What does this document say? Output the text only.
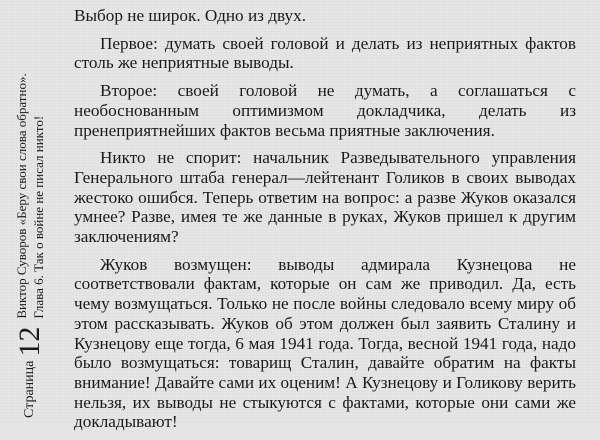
Страница
12
Виктор Суворов «Беру свои слова обратно». Глава 6. Так о войне не писал никто!

Выбор не широк. Одно из двух.

Первое: думать своей головой и делать из неприятных фактов столь же неприятные выводы.

Второе: своей головой не думать, а соглашаться с необоснованным оптимизмом докладчика, делать из пренеприятнейших фактов весьма приятные заключения.

Никто не спорит: начальник Разведывательного управления Генерального штаба генерал—лейтенант Голиков в своих выводах жестоко ошибся. Теперь ответим на вопрос: а разве Жуков оказался умнее? Разве, имея те же данные в руках, Жуков пришел к другим заключениям?

Жуков возмущен: выводы адмирала Кузнецова не соответствовали фактам, которые он сам же приводил. Да, есть чему возмущаться. Только не после войны следовало всему миру об этом рассказывать. Жуков об этом должен был заявить Сталину и Кузнецову еще тогда, 6 мая 1941 года. Тогда, весной 1941 года, надо было возмущаться: товарищ Сталин, давайте обратим на факты внимание! Давайте сами их оценим! А Кузнецову и Голикову верить нельзя, их выводы не стыкуются с фактами, которые они сами же докладывают!
